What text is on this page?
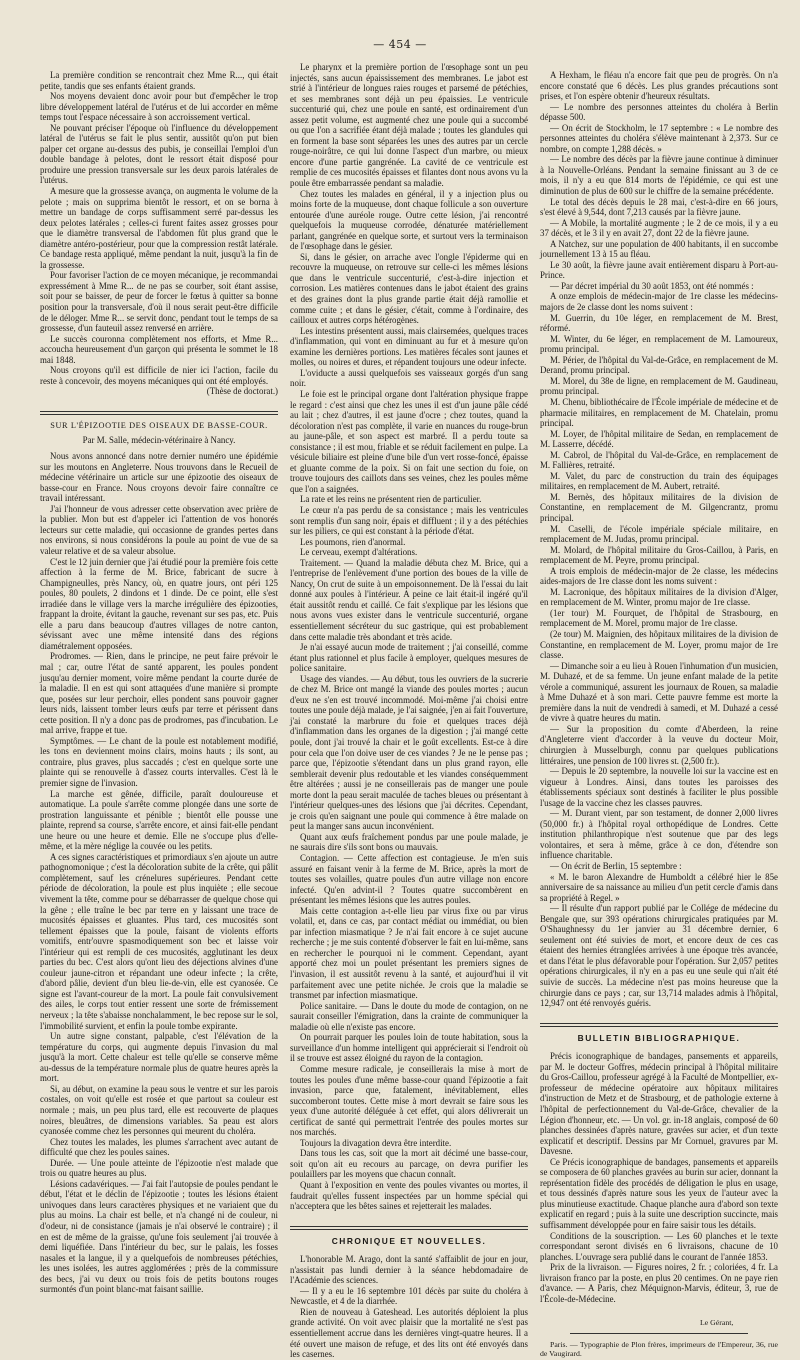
— 454 —

La première condition se rencontrait chez Mme R..., qui était petite, tandis que ses enfants étaient grands.

Nos moyens devaient donc avoir pour but d'empêcher le trop libre développement latéral de l'utérus et de lui accorder en même temps tout l'espace nécessaire à son accroissement vertical.

Ne pouvant préciser l'époque où l'influence du développement latéral de l'utérus se fait le plus sentir, aussitôt qu'on put bien palper cet organe au-dessus des pubis, je conseillai l'emploi d'un double bandage à pelotes, dont le ressort était disposé pour produire une pression transversale sur les deux parois latérales de l'utérus.

A mesure que la grossesse avança, on augmenta le volume de la pelote ; mais on supprima bientôt le ressort, et on se borna à mettre un bandage de corps suffisamment serré par-dessus les deux pelotes latérales ; celles-ci furent faites assez grosses pour que le diamètre transversal de l'abdomen fût plus grand que le diamètre antéro-postérieur, pour que la compression restât latérale. Ce bandage resta appliqué, même pendant la nuit, jusqu'à la fin de la grossesse.

Pour favoriser l'action de ce moyen mécanique, je recommandai expressément à Mme R... de ne pas se courber, soit étant assise, soit pour se baisser, de peur de forcer le fœtus à quitter sa bonne position pour la transversale, d'où il nous serait peut-être difficile de le déloger. Mme R... se servit donc, pendant tout le temps de sa grossesse, d'un fauteuil assez renversé en arrière.

Le succès couronna complètement nos efforts, et Mme R... accoucha heureusement d'un garçon qui présenta le sommet le 18 mai 1848.

Nous croyons qu'il est difficile de nier ici l'action, facile du reste à concevoir, des moyens mécaniques qui ont été employés.

(Thèse de doctorat.)

SUR L'ÉPIZOOTIE DES OISEAUX DE BASSE-COUR.
Par M. Salle, médecin-vétérinaire à Nancy.

Nous avons annoncé dans notre dernier numéro une épidémie sur les moutons en Angleterre. Nous trouvons dans le Recueil de médecine vétérinaire un article sur une épizootie des oiseaux de basse-cour en France. Nous croyons devoir faire connaître ce travail intéressant.

J'ai l'honneur de vous adresser cette observation avec prière de la publier. Mon but est d'appeler ici l'attention de vos honorés lecteurs sur cette maladie, qui occasionne de grandes pertes dans nos environs, si nous considérons la poule au point de vue de sa valeur relative et de sa valeur absolue.

C'est le 12 juin dernier que j'ai étudié pour la première fois cette affection à la ferme de M. Brice, fabricant de sucre à Champigneulles, près Nancy, où, en quatre jours, ont péri 125 poules, 80 poulets, 2 dindons et 1 dinde. De ce point, elle s'est irradiée dans le village vers la marche irrégulière des épizooties, frappant la droite, évitant la gauche, revenant sur ses pas, etc. Puis elle a paru dans beaucoup d'autres villages de notre canton, sévissant avec une même intensité dans des régions diamétralement opposées.

Prodromes. — Rien, dans le principe, ne peut faire prévoir le mal ; car, outre l'état de santé apparent, les poules pondent jusqu'au dernier moment, voire même pendant la courte durée de la maladie. Il en est qui sont attaquées d'une manière si prompte que, posées sur leur perchoir, elles pondent sans pouvoir gagner leurs nids, laissent tomber leurs œufs par terre et périssent dans cette position. Il n'y a donc pas de prodromes, pas d'incubation. Le mal arrive, frappe et tue.

Symptômes. — Le chant de la poule est notablement modifié, les tons en deviennent moins clairs, moins hauts ; ils sont, au contraire, plus graves, plus saccadés ; c'est en quelque sorte une plainte qui se renouvelle à d'assez courts intervalles. C'est là le premier signe de l'invasion.

La marche est gênée, difficile, paraît douloureuse et automatique. La poule s'arrête comme plongée dans une sorte de prostration languissante et pénible ; bientôt elle pousse une plainte, reprend sa course, s'arrête encore, et ainsi fait-elle pendant une heure ou une heure et demie. Elle ne s'occupe plus d'elle-même, et la mère néglige la couvée ou les petits.

A ces signes caractéristiques et primordiaux s'en ajoute un autre pathognomonique ; c'est la décoloration subite de la crête, qui pâlit complètement, sauf les crénelures supérieures. Pendant cette période de décoloration, la poule est plus inquiète ; elle secoue vivement la tête, comme pour se débarrasser de quelque chose qui la gêne ; elle traîne le bec par terre en y laissant une trace de mucosités épaisses et gluantes. Plus tard, ces mucosités sont tellement épaisses que la poule, faisant de violents efforts vomitifs, entr'ouvre spasmodiquement son bec et laisse voir l'intérieur qui est rempli de ces mucosités, agglutinant les deux parties du bec. C'est alors qu'ont lieu des déjections alvines d'une couleur jaune-citron et répandant une odeur infecte ; la crête, d'abord pâlie, devient d'un bleu lie-de-vin, elle est cyanosée. Ce signe est l'avant-coureur de la mort. La poule fait convulsivement des ailes, le corps tout entier ressent une sorte de frémissement nerveux ; la tête s'abaisse nonchalamment, le bec repose sur le sol, l'immobilité survient, et enfin la poule tombe expirante.

Un autre signe constant, palpable, c'est l'élévation de la température du corps, qui augmente depuis l'invasion du mal jusqu'à la mort. Cette chaleur est telle qu'elle se conserve même au-dessus de la température normale plus de quatre heures après la mort.

Si, au début, on examine la peau sous le ventre et sur les parois costales, on voit qu'elle est rosée et que partout sa couleur est normale ; mais, un peu plus tard, elle est recouverte de plaques noires, bleuâtres, de dimensions variables. Sa peau est alors cyanosée comme chez les personnes qui meurent du choléra.

Chez toutes les malades, les plumes s'arrachent avec autant de difficulté que chez les poules saines.

Durée. — Une poule atteinte de l'épizootie n'est malade que trois ou quatre heures au plus.

Lésions cadavériques. — J'ai fait l'autopsie de poules pendant le début, l'état et le déclin de l'épizootie ; toutes les lésions étaient univoques dans leurs caractères physiques et ne variaient que du plus au moins. La chair est belle, et n'a changé ni de couleur, ni d'odeur, ni de consistance (jamais je n'ai observé le contraire) ; il en est de même de la graisse, qu'une fois seulement j'ai trouvée à demi liquéfiée. Dans l'intérieur du bec, sur le palais, les fosses nasales et la langue, il y a quelquefois de nombreuses pétéchies, les unes isolées, les autres agglomérées ; près de la commissure des becs, j'ai vu deux ou trois fois de petits boutons rouges surmontés d'un point blanc-mat faisant saillie.

Le pharynx et la première portion de l'œsophage sont un peu injectés, sans aucun épaississement des membranes. Le jabot est strié à l'intérieur de longues raies rouges et parsemé de pétéchies, et ses membranes sont déjà un peu épaissies. Le ventricule succenturié qui, chez une poule en santé, est ordinairement d'un assez petit volume, est augmenté chez une poule qui a succombé ou que l'on a sacrifiée étant déjà malade ; toutes les glandules qui en forment la base sont séparées les unes des autres par un cercle rouge-noirâtre, ce qui lui donne l'aspect d'un marbre, ou mieux encore d'une partie gangrénée. La cavité de ce ventricule est remplie de ces mucosités épaisses et filantes dont nous avons vu la poule être embarrassée pendant sa maladie.

Chez toutes les malades en général, il y a injection plus ou moins forte de la muqueuse, dont chaque follicule a son ouverture entourée d'une auréole rouge. Outre cette lésion, j'ai rencontré quelquefois la muqueuse corrodée, dénaturée matériellement parlant, gangrénée en quelque sorte, et surtout vers la terminaison de l'œsophage dans le gésier.

Si, dans le gésier, on arrache avec l'ongle l'épiderme qui en recouvre la muqueuse, on retrouve sur celle-ci les mêmes lésions que dans le ventricule succenturié, c'est-à-dire injection et corrosion. Les matières contenues dans le jabot étaient des grains et des graines dont la plus grande partie était déjà ramollie et comme cuite ; et dans le gésier, c'était, comme à l'ordinaire, des cailloux et autres corps hétérogènes.

Les intestins présentent aussi, mais clairsemées, quelques traces d'inflammation, qui vont en diminuant au fur et à mesure qu'on examine les dernières portions. Les matières fécales sont jaunes et molles, ou noires et dures, et répandent toujours une odeur infecte.

L'oviducte a aussi quelquefois ses vaisseaux gorgés d'un sang noir.

Le foie est le principal organe dont l'altération physique frappe le regard : c'est ainsi que chez les unes il est d'un jaune pâle cédé au lait ; chez d'autres, il est jaune d'ocre ; chez toutes, quand la décoloration n'est pas complète, il varie en nuances du rouge-brun au jaune-pâle, et son aspect est marbré. Il a perdu toute sa consistance ; il est mou, friable et se réduit facilement en pulpe. La vésicule biliaire est pleine d'une bile d'un vert rosse-foncé, épaisse et gluante comme de la poix. Si on fait une section du foie, on trouve toujours des caillots dans ses veines, chez les poules même que l'on a saignées.

La rate et les reins ne présentent rien de particulier.

Le cœur n'a pas perdu de sa consistance ; mais les ventricules sont remplis d'un sang noir, épais et diffluent ; il y a des pétéchies sur les piliers, ce qui est constant à la période d'état.

Les poumons, rien d'anormal.

Le cerveau, exempt d'altérations.

Traitement. — Quand la maladie débuta chez M. Brice, qui a l'entreprise de l'enlèvement d'une portion des boues de la ville de Nancy, On crut de suite à un empoisonnement. De là l'essai du lait donné aux poules à l'intérieur. A peine ce lait était-il ingéré qu'il était aussitôt rendu et caillé. Ce fait s'explique par les lésions que nous avons vues exister dans le ventricule succenturié, organe essentiellement sécréteur du suc gastrique, qui est probablement dans cette maladie très abondant et très acide.

Je n'ai essayé aucun mode de traitement ; j'ai conseillé, comme étant plus rationnel et plus facile à employer, quelques mesures de police sanitaire.

Usage des viandes. — Au début, tous les ouvriers de la sucrerie de chez M. Brice ont mangé la viande des poules mortes ; aucun d'eux ne s'en est trouvé incommodé. Moi-même j'ai choisi entre toutes une poule déjà malade, je l'ai saignée, j'en ai fait l'ouverture, j'ai constaté la marbrure du foie et quelques traces déjà d'inflammation dans les organes de la digestion ; j'ai mangé cette poule, dont j'ai trouvé la chair et le goût excellents. Est-ce à dire pour cela que l'on doive user de ces viandes ? Je ne le pense pas ; parce que, l'épizootie s'étendant dans un plus grand rayon, elle semblerait devenir plus redoutable et les viandes conséquemment être altérées ; aussi je ne conseillerais pas de manger une poule morte dont la peau serait maculée de taches bleues ou présentant à l'intérieur quelques-unes des lésions que j'ai décrites. Cependant, je crois qu'en saignant une poule qui commence à être malade on peut la manger sans aucun inconvénient.

Quant aux œufs fraîchement pondus par une poule malade, je ne saurais dire s'ils sont bons ou mauvais.

Contagion. — Cette affection est contagieuse. Je m'en suis assuré en faisant venir à la ferme de M. Brice, après la mort de toutes ses volailles, quatre poules d'un autre village non encore infecté. Qu'en advint-il ? Toutes quatre succombèrent en présentant les mêmes lésions que les autres poules.

Mais cette contagion a-t-elle lieu par virus fixe ou par virus volatil, et, dans ce cas, par contact médiat ou immédiat, ou bien par infection miasmatique ? Je n'ai fait encore à ce sujet aucune recherche ; je me suis contenté d'observer le fait en lui-même, sans en rechercher le pourquoi ni le comment. Cependant, ayant apporté chez moi un poulet présentant les premiers signes de l'invasion, il est aussitôt revenu à la santé, et aujourd'hui il vit parfaitement avec une petite nichée. Je crois que la maladie se transmet par infection miasmatique.

Police sanitaire. — Dans le doute du mode de contagion, on ne saurait conseiller l'émigration, dans la crainte de communiquer la maladie où elle n'existe pas encore.

On pourrait parquer les poules loin de toute habitation, sous la surveillance d'un homme intelligent qui apprécierait si l'endroit où il se trouve est assez éloigné du rayon de la contagion.

Comme mesure radicale, je conseillerais la mise à mort de toutes les poules d'une même basse-cour quand l'épizootie a fait invasion, parce que, fatalement, inévitablement, elles succomberont toutes. Cette mise à mort devrait se faire sous les yeux d'une autorité déléguée à cet effet, qui alors délivrerait un certificat de santé qui permettrait l'entrée des poules mortes sur nos marchés.

Toujours la divagation devra être interdite.

Dans tous les cas, soit que la mort ait décimé une basse-cour, soit qu'on ait eu recours au parcage, on devra purifier les poulaillers par les moyens que chacun connaît.

Quant à l'exposition en vente des poules vivantes ou mortes, il faudrait qu'elles fussent inspectées par un homme spécial qui n'acceptera que les bêtes saines et rejetterait les malades.

CHRONIQUE ET NOUVELLES.

L'honorable M. Arago, dont la santé s'affaiblit de jour en jour, n'assistait pas lundi dernier à la séance hebdomadaire de l'Académie des sciences.

— Il y a eu le 16 septembre 101 décès par suite du choléra à Newcastle, et 4 de la diarrhée.

Rien de nouveau à Gateshead. Les autorités déploient la plus grande activité. On voit avec plaisir que la mortalité ne s'est pas essentiellement accrue dans les dernières vingt-quatre heures. Il a été ouvert une maison de refuge, et des lits ont été envoyés dans les casernes.

A Hexham, le fléau n'a encore fait que peu de progrès. On n'a encore constaté que 6 décès. Les plus grandes précautions sont prises, et l'on espère obtenir d'heureux résultats.

— Le nombre des personnes atteintes du choléra à Berlin dépasse 500.

— On écrit de Stockholm, le 17 septembre : « Le nombre des personnes atteintes du choléra s'élève maintenant à 2,373. Sur ce nombre, on compte 1,288 décès. »

— Le nombre des décès par la fièvre jaune continue à diminuer à la Nouvelle-Orléans. Pendant la semaine finissant au 3 de ce mois, il n'y a eu que 814 morts de l'épidémie, ce qui est une diminution de plus de 600 sur le chiffre de la semaine précédente.

Le total des décès depuis le 28 mai, c'est-à-dire en 66 jours, s'est élevé à 9,544, dont 7,213 causés par la fièvre jaune.

— A Mobile, la mortalité augmente ; le 2 de ce mois, il y a eu 37 décès, et le 3 il y en avait 27, dont 22 de la fièvre jaune.

A Natchez, sur une population de 400 habitants, il en succombe journellement 13 à 15 au fléau.

Le 30 août, la fièvre jaune avait entièrement disparu à Port-au-Prince.

— Par décret impérial du 30 août 1853, ont été nommés :

A onze emplois de médecin-major de 1re classe les médecins-majors de 2e classe dont les noms suivent :

M. Guerrin, du 10e léger, en remplacement de M. Brest, réformé.

M. Winter, du 6e léger, en remplacement de M. Lamoureux, promu principal.

M. Périer, de l'hôpital du Val-de-Grâce, en remplacement de M. Derand, promu principal.

M. Morel, du 38e de ligne, en remplacement de M. Gaudineau, promu principal.

M. Chenu, bibliothécaire de l'École impériale de médecine et de pharmacie militaires, en remplacement de M. Chatelain, promu principal.

M. Loyer, de l'hôpital militaire de Sedan, en remplacement de M. Lasserre, décédé.

M. Cabrol, de l'hôpital du Val-de-Grâce, en remplacement de M. Fallières, retraité.

M. Valet, du parc de construction du train des équipages militaires, en remplacement de M. Aubert, retraité.

M. Bernès, des hôpitaux militaires de la division de Constantine, en remplacement de M. Gilgencrantz, promu principal.

M. Caselli, de l'école impériale spéciale militaire, en remplacement de M. Judas, promu principal.

M. Molard, de l'hôpital militaire du Gros-Caillou, à Paris, en remplacement de M. Peyre, promu principal.

A trois emplois de médecin-major de 2e classe, les médecins aides-majors de 1re classe dont les noms suivent :

M. Lacronique, des hôpitaux militaires de la division d'Alger, en remplacement de M. Winter, promu major de 1re classe.

(1er tour) M. Fourquet, de l'hôpital de Strasbourg, en remplacement de M. Morel, promu major de 1re classe.

(2e tour) M. Maignien, des hôpitaux militaires de la division de Constantine, en remplacement de M. Loyer, promu major de 1re classe.

— Dimanche soir a eu lieu à Rouen l'inhumation d'un musicien, M. Duhazé, et de sa femme. Un jeune enfant malade de la petite vérole a communiqué, assurent les journaux de Rouen, sa maladie à Mme Duhazé et à son mari. Cette pauvre femme est morte la première dans la nuit de vendredi à samedi, et M. Duhazé a cessé de vivre à quatre heures du matin.

— Sur la proposition du comte d'Aberdeen, la reine d'Angleterre vient d'accorder à la veuve du docteur Moir, chirurgien à Musselburgh, connu par quelques publications littéraires, une pension de 100 livres st. (2,500 fr.).

— Depuis le 20 septembre, la nouvelle loi sur la vaccine est en vigueur à Londres. Ainsi, dans toutes les paroisses des établissements spéciaux sont destinés à faciliter le plus possible l'usage de la vaccine chez les classes pauvres.

— M. Durant vient, par son testament, de donner 2,000 livres (50,000 fr.) à l'hôpital royal orthopédique de Londres. Cette institution philanthropique n'est soutenue que par des legs volontaires, et sera à même, grâce à ce don, d'étendre son influence charitable.

— On écrit de Berlin, 15 septembre :

« M. le baron Alexandre de Humboldt a célébré hier le 85e anniversaire de sa naissance au milieu d'un petit cercle d'amis dans sa propriété à Regel. »

— Il résulte d'un rapport publié par le Collége de médecine du Bengale que, sur 393 opérations chirurgicales pratiquées par M. O'Shaughnessy du 1er janvier au 31 décembre dernier, 6 seulement ont été suivies de mort, et encore deux de ces cas étaient des hernies étranglées arrivées à une époque très avancée, et dans l'état le plus défavorable pour l'opération. Sur 2,057 petites opérations chirurgicales, il n'y en a pas eu une seule qui n'ait été suivie de succès. La médecine n'est pas moins heureuse que la chirurgie dans ce pays ; car, sur 13,714 malades admis à l'hôpital, 12,947 ont été renvoyés guéris.

BULLETIN BIBLIOGRAPHIQUE.

Précis iconographique de bandages, pansements et appareils, par M. le docteur Goffres, médecin principal à l'hôpital militaire du Gros-Caillou, professeur agrégé à la Faculté de Montpellier, ex-professeur de médecine opératoire aux hôpitaux militaires d'instruction de Metz et de Strasbourg, et de pathologie externe à l'hôpital de perfectionnement du Val-de-Grâce, chevalier de la Légion d'honneur, etc. — Un vol. gr. in-18 anglais, composé de 60 planches dessinées d'après nature, gravées sur acier, et d'un texte explicatif et descriptif. Dessins par Mr Cornuel, gravures par M. Davesne.

Ce Précis iconographique de bandages, pansements et appareils se composera de 60 planches gravées au burin sur acier, donnant la représentation fidèle des procédés de déligation le plus en usage, et tous dessinés d'après nature sous les yeux de l'auteur avec la plus minutieuse exactitude. Chaque planche aura d'abord son texte explicatif en regard ; puis à la suite une description succincte, mais suffisamment développée pour en faire saisir tous les détails.

Conditions de la souscription. — Les 60 planches et le texte correspondant seront divisés en 6 livraisons, chacune de 10 planches. L'ouvrage sera publié dans le courant de l'année 1853.

Prix de la livraison. — Figures noires, 2 fr. ; coloriées, 4 fr. La livraison franco par la poste, en plus 20 centimes. On ne paye rien d'avance. — A Paris, chez Méquignon-Marvis, éditeur, 3, rue de l'École-de-Médecine.

Le Gérant,

Paris. — Typographie de Plon frères, imprimeurs de l'Empereur, 36, rue de Vaugirard.
